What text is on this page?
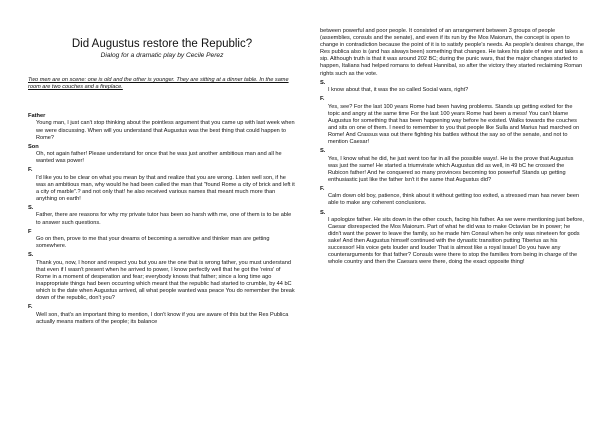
Did Augustus restore the Republic?
Dialog for a dramatic play by Cecile Perez
Two men are on scene: one is old and the other is younger. They are sitting at a dinner table. In the same room are two couches and a fireplace.

Father

Young man, I just can't stop thinking about the pointless argument that you came up with last week when we were discussing. When will you understand that Augustus was the best thing that could happen to Rome?

Son

Oh, not again father! Please understand for once that he was just another ambitious man and all he wanted was power!

F.

I'd like you to be clear on what you mean by that and realize that you are wrong. Listen well son, if he was an ambitious man, why would he had been called the man that "found Rome a city of brick and left it a city of marble".? and not only that! he also received various names that meant much more than anything on earth!

S.

Father, there are reasons for why my private tutor has been so harsh with me, one of them is to be able to answer such questions.

F

Go on then, prove to me that your dreams of becoming a sensitive and thinker man are getting somewhere.

S.

Thank you, now, I honor and respect you but you are the one that is wrong father, you must understand that even if I wasn't present when he arrived to power, I know perfectly well that he got the 'reins' of Rome in a moment of desperation and fear; everybody knows that father; since a long time ago inappropriate things had been occurring which meant that the republic had started to crumble, by 44 bC which is the date when Augustus arrived, all what people wanted was peace You do remember the break down of the republic, don't you?

F.

Well son, that's an important thing to mention, I don't know if you are aware of this but the Res Publica actually means matters of the people; its balance

between powerful and poor people. It consisted of an arrangement between 3 groups of people (assemblies, consuls and the senate), and even if its run by the Mos Maiorum, the concept is open to change in contradiction because the point of it is to satisfy people's needs. As people's desires change, the Res publica also is (and has always been) something that changes. He takes his plate of wine and takes a sip. Although truth is that it was around 202 BC; during the punic wars, that the major changes started to happen, Italians had helped romans to defeat Hannibal, so after the victory they started reclaiming Roman rights such as the vote.

S.

I know about that, it was the so called Social wars, right?

F.

Yes, see? For the last 100 years Rome had been having problems. Stands up getting exited for the topic and angry at the same time For the last 100 years Rome had been a mess! You can't blame Augustus for something that has been happening way before he existed. Walks towards the couches and sits on one of them. I need to remember to you that people like Sulla and Marius had marched on Rome! And Crassus was out there fighting his battles without the say so of the senate, and not to mention Caesar!

S.

Yes, I know what he did, he just went too far in all the possible ways!. He is the prove that Augustus was just the same! He started a triumvirate which Augustus did as well, in 49 bC he crossed the Rubicon father! And he conquered so many provinces becoming too powerful! Stands up getting enthusiastic just like the father Isn't it the same that Augustus did?

F.

Calm down old boy, patience, think about it without getting too exited, a stressed man has never been able to make any coherent conclusions.

S.

I apologize father. He sits down in the other couch, facing his father. As we were mentioning just before, Caesar disrespected the Mos Maiorum. Part of what he did was to make Octavian be in power; he didn't want the power to leave the family, so he made him Consul when he only was nineteen for gods sake! And then Augustus himself continued with the dynastic transition putting Tiberius as his successor! His voice gets louder and louder That is almost like a royal issue! Do you have any counterarguments for that father? Consuls were there to stop the families from being in charge of the whole country and then the Caesars were there, doing the exact opposite thing!
